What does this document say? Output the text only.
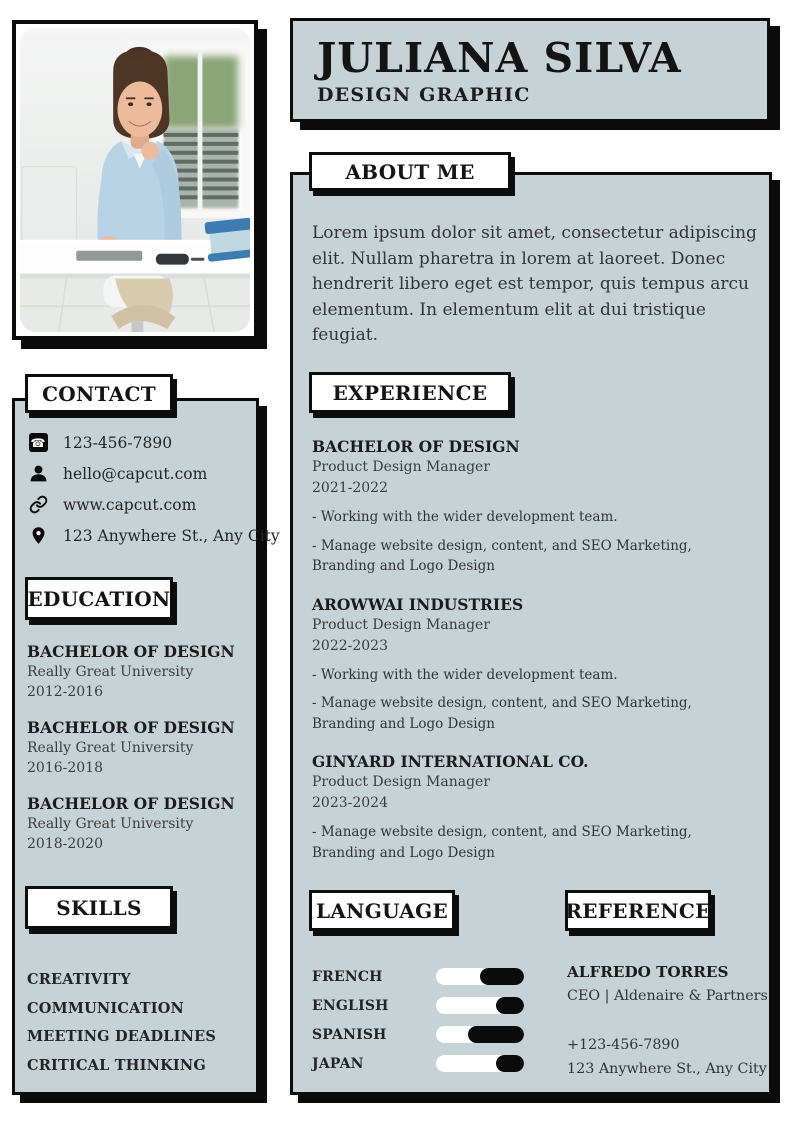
CONTACT
☎ 123-456-7890
hello@capcut.com
www.capcut.com
123 Anywhere St., Any City
EDUCATION
BACHELOR OF DESIGN
Really Great University
2012-2016
BACHELOR OF DESIGN
Really Great University
2016-2018
BACHELOR OF DESIGN
Really Great University
2018-2020
SKILLS
CREATIVITY
COMMUNICATION
MEETING DEADLINES
CRITICAL THINKING
JULIANA SILVA
DESIGN GRAPHIC
ABOUT ME
Lorem ipsum dolor sit amet, consectetur adipiscing elit. Nullam pharetra in lorem at laoreet. Donec hendrerit libero eget est tempor, quis tempus arcu elementum. In elementum elit at dui tristique feugiat.
EXPERIENCE
BACHELOR OF DESIGN
Product Design Manager
2021-2022
- Working with the wider development team.
- Manage website design, content, and SEO Marketing, Branding and Logo Design
AROWWAI INDUSTRIES
Product Design Manager
2022-2023
- Working with the wider development team.
- Manage website design, content, and SEO Marketing, Branding and Logo Design
GINYARD INTERNATIONAL CO.
Product Design Manager
2023-2024
- Manage website design, content, and SEO Marketing, Branding and Logo Design
LANGUAGE
FRENCH
ENGLISH
SPANISH
JAPAN
REFERENCE
ALFREDO TORRES
CEO | Aldenaire & Partners
+123-456-7890
123 Anywhere St., Any City
